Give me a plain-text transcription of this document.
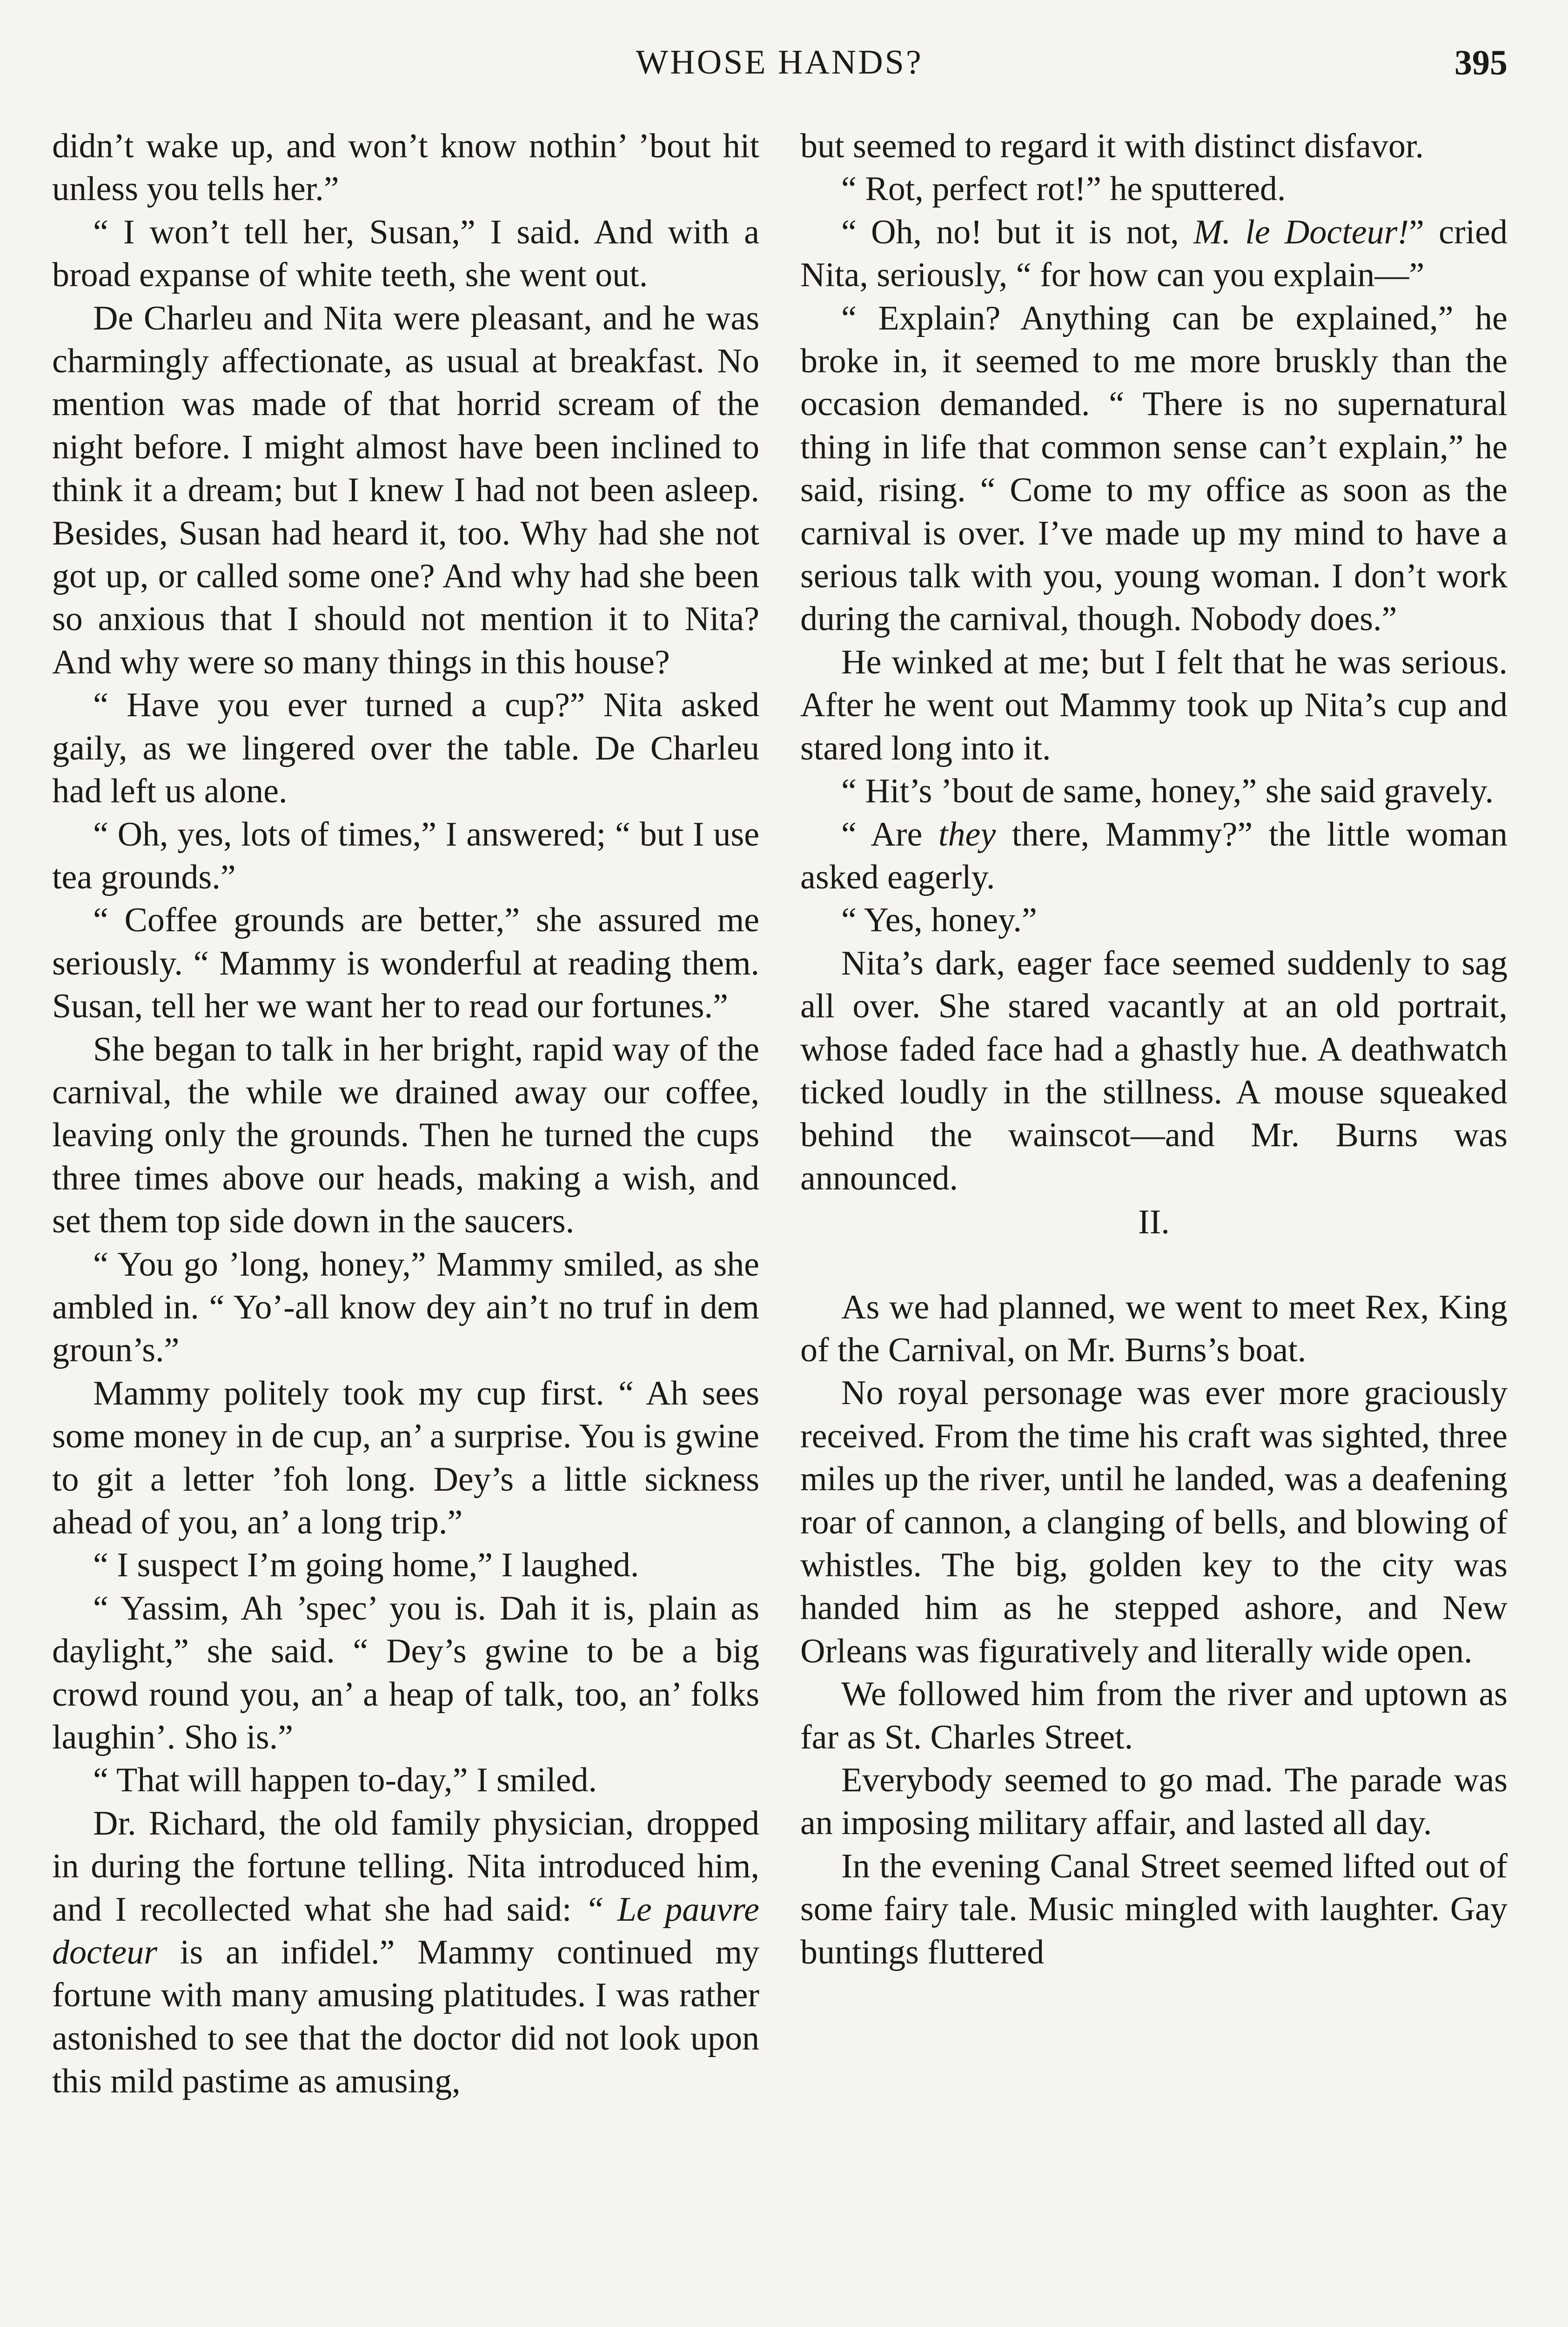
WHOSE HANDS?	395

didn’t wake up, and won’t know nothin’ ’bout hit unless you tells her.”

“ I won’t tell her, Susan,” I said. And with a broad expanse of white teeth, she went out.

De Charleu and Nita were pleasant, and he was charmingly affectionate, as usual at breakfast. No mention was made of that horrid scream of the night before. I might almost have been inclined to think it a dream; but I knew I had not been asleep. Besides, Susan had heard it, too. Why had she not got up, or called some one? And why had she been so anxious that I should not mention it to Nita? And why were so many things in this house?

“ Have you ever turned a cup?” Nita asked gaily, as we lingered over the table. De Charleu had left us alone.

“ Oh, yes, lots of times,” I answered; “ but I use tea grounds.”

“ Coffee grounds are better,” she assured me seriously. “ Mammy is wonderful at reading them. Susan, tell her we want her to read our fortunes.”

She began to talk in her bright, rapid way of the carnival, the while we drained away our coffee, leaving only the grounds. Then he turned the cups three times above our heads, making a wish, and set them top side down in the saucers.

“ You go ’long, honey,” Mammy smiled, as she ambled in. “ Yo’-all know dey ain’t no truf in dem groun’s.”

Mammy politely took my cup first. “ Ah sees some money in de cup, an’ a surprise. You is gwine to git a letter ’foh long. Dey’s a little sickness ahead of you, an’ a long trip.”

“ I suspect I’m going home,” I laughed.

“ Yassim, Ah ’spec’ you is. Dah it is, plain as daylight,” she said. “ Dey’s gwine to be a big crowd round you, an’ a heap of talk, too, an’ folks laughin’. Sho is.”

“ That will happen to-day,” I smiled.

Dr. Richard, the old family physician, dropped in during the fortune telling. Nita introduced him, and I recollected what she had said: “ Le pauvre docteur is an infidel.” Mammy continued my fortune with many amusing platitudes. I was rather astonished to see that the doctor did not look upon this mild pastime as amusing,

but seemed to regard it with distinct disfavor.

“ Rot, perfect rot!” he sputtered.

“ Oh, no! but it is not, M. le Docteur!” cried Nita, seriously, “ for how can you explain—”

“ Explain? Anything can be explained,” he broke in, it seemed to me more bruskly than the occasion demanded. “ There is no supernatural thing in life that common sense can’t explain,” he said, rising. “ Come to my office as soon as the carnival is over. I’ve made up my mind to have a serious talk with you, young woman. I don’t work during the carnival, though. Nobody does.”

He winked at me; but I felt that he was serious. After he went out Mammy took up Nita’s cup and stared long into it.

“ Hit’s ’bout de same, honey,” she said gravely.

“ Are they there, Mammy?” the little woman asked eagerly.

“ Yes, honey.”

Nita’s dark, eager face seemed suddenly to sag all over. She stared vacantly at an old portrait, whose faded face had a ghastly hue. A deathwatch ticked loudly in the stillness. A mouse squeaked behind the wainscot—and Mr. Burns was announced.

II.

As we had planned, we went to meet Rex, King of the Carnival, on Mr. Burns’s boat.

No royal personage was ever more graciously received. From the time his craft was sighted, three miles up the river, until he landed, was a deafening roar of cannon, a clanging of bells, and blowing of whistles. The big, golden key to the city was handed him as he stepped ashore, and New Orleans was figuratively and literally wide open.

We followed him from the river and uptown as far as St. Charles Street.

Everybody seemed to go mad. The parade was an imposing military affair, and lasted all day.

In the evening Canal Street seemed lifted out of some fairy tale. Music mingled with laughter. Gay buntings fluttered
